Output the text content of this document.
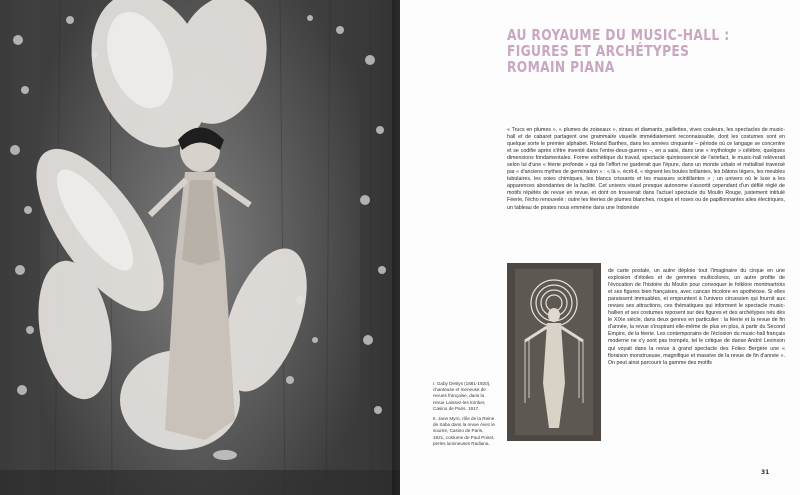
AU ROYAUME DU MUSIC-HALL :
FIGURES ET ARCHÉTYPES
ROMAIN PIANA
« Trucs en plumes », « plumes de zoiseaux », strass et diamants, paillettes, vives couleurs, les spectacles de music-hall et de cabaret partagent une grammaire visuelle immédiatement reconnaissable, dont les costumes sont en quelque sorte le premier alphabet. Roland Barthes, dans les années cinquante – période où ce langage se concentre et se codifie après s'être inventé dans l'entre-deux-guerres –, en a saisi, dans une « mythologie » célèbre, quelques dimensions fondamentales. Forme esthétique du travail, spectacle quintessencié de l'artefact, le music-hall relèverait selon lui d'une « féerie profonde » qui de l'effort ne garderait que l'épure, dans un monde urbain et métallisé traversé par « d'anciens mythes de germination » : « là », écrit-il, « règnent les boules brillantes, les bâtons légers, les meubles tubulaires, les soies chimiques, les blancs crissants et les massues scintillantes » ; un univers où le luxe a les apparences abondantes de la facilité. Cet univers visuel presque autonome s'assortit cependant d'un défilé réglé de motifs répétés de revue en revue, et dont on trouverait dans l'actuel spectacle du Moulin Rouge, justement intitulé Féerie, l'écho renouvelé : outre les féeries de plumes blanches, rouges et roses ou de papillonnantes ailes électriques, un tableau de pirates nous emmène dans une Indonésie
de carte postale, un autre déploie tout l'imaginaire du cirque en une explosion d'étoiles et de gemmes multicolores, un autre profite de l'évocation de l'histoire du Moulin pour convoquer le folklore montmartrois et ses figures bien françaises, avec cancan tricolore en apothéose. Si elles paraissent immuables, et empruntent à l'univers circassien qui fournit aux revues ses attractions, ces thématiques qui informent le spectacle music-hallien et ses costumes reposent sur des figures et des archétypes nés dès le XIXe siècle, dans deux genres en particulier : la féerie et la revue de fin d'année, la revue s'inspirant elle-même de plus en plus, à partir du Second Empire, de la féerie. Les contemporains de l'éclosion du music-hall français moderne ne s'y sont pas trompés, tel le critique de danse André Levinson qui voyait dans la revue à grand spectacle des Folies Bergère une « floraison monstrueuse, magnifique et massive de la revue de fin d'année ». On peut ainsi parcourir la gamme des motifs
I. Gaby Deslys (1881-1920), chanteuse et meneuse de revues française, dans la revue Laissez-les tomber, Casino de Paris, 1917.
II. Jane Myro, rôle de la Reine de Saba dans la revue Avec le sourire, Casino de Paris, 1921, costume de Paul Poiret, perles lumineuses Radiana.
31
